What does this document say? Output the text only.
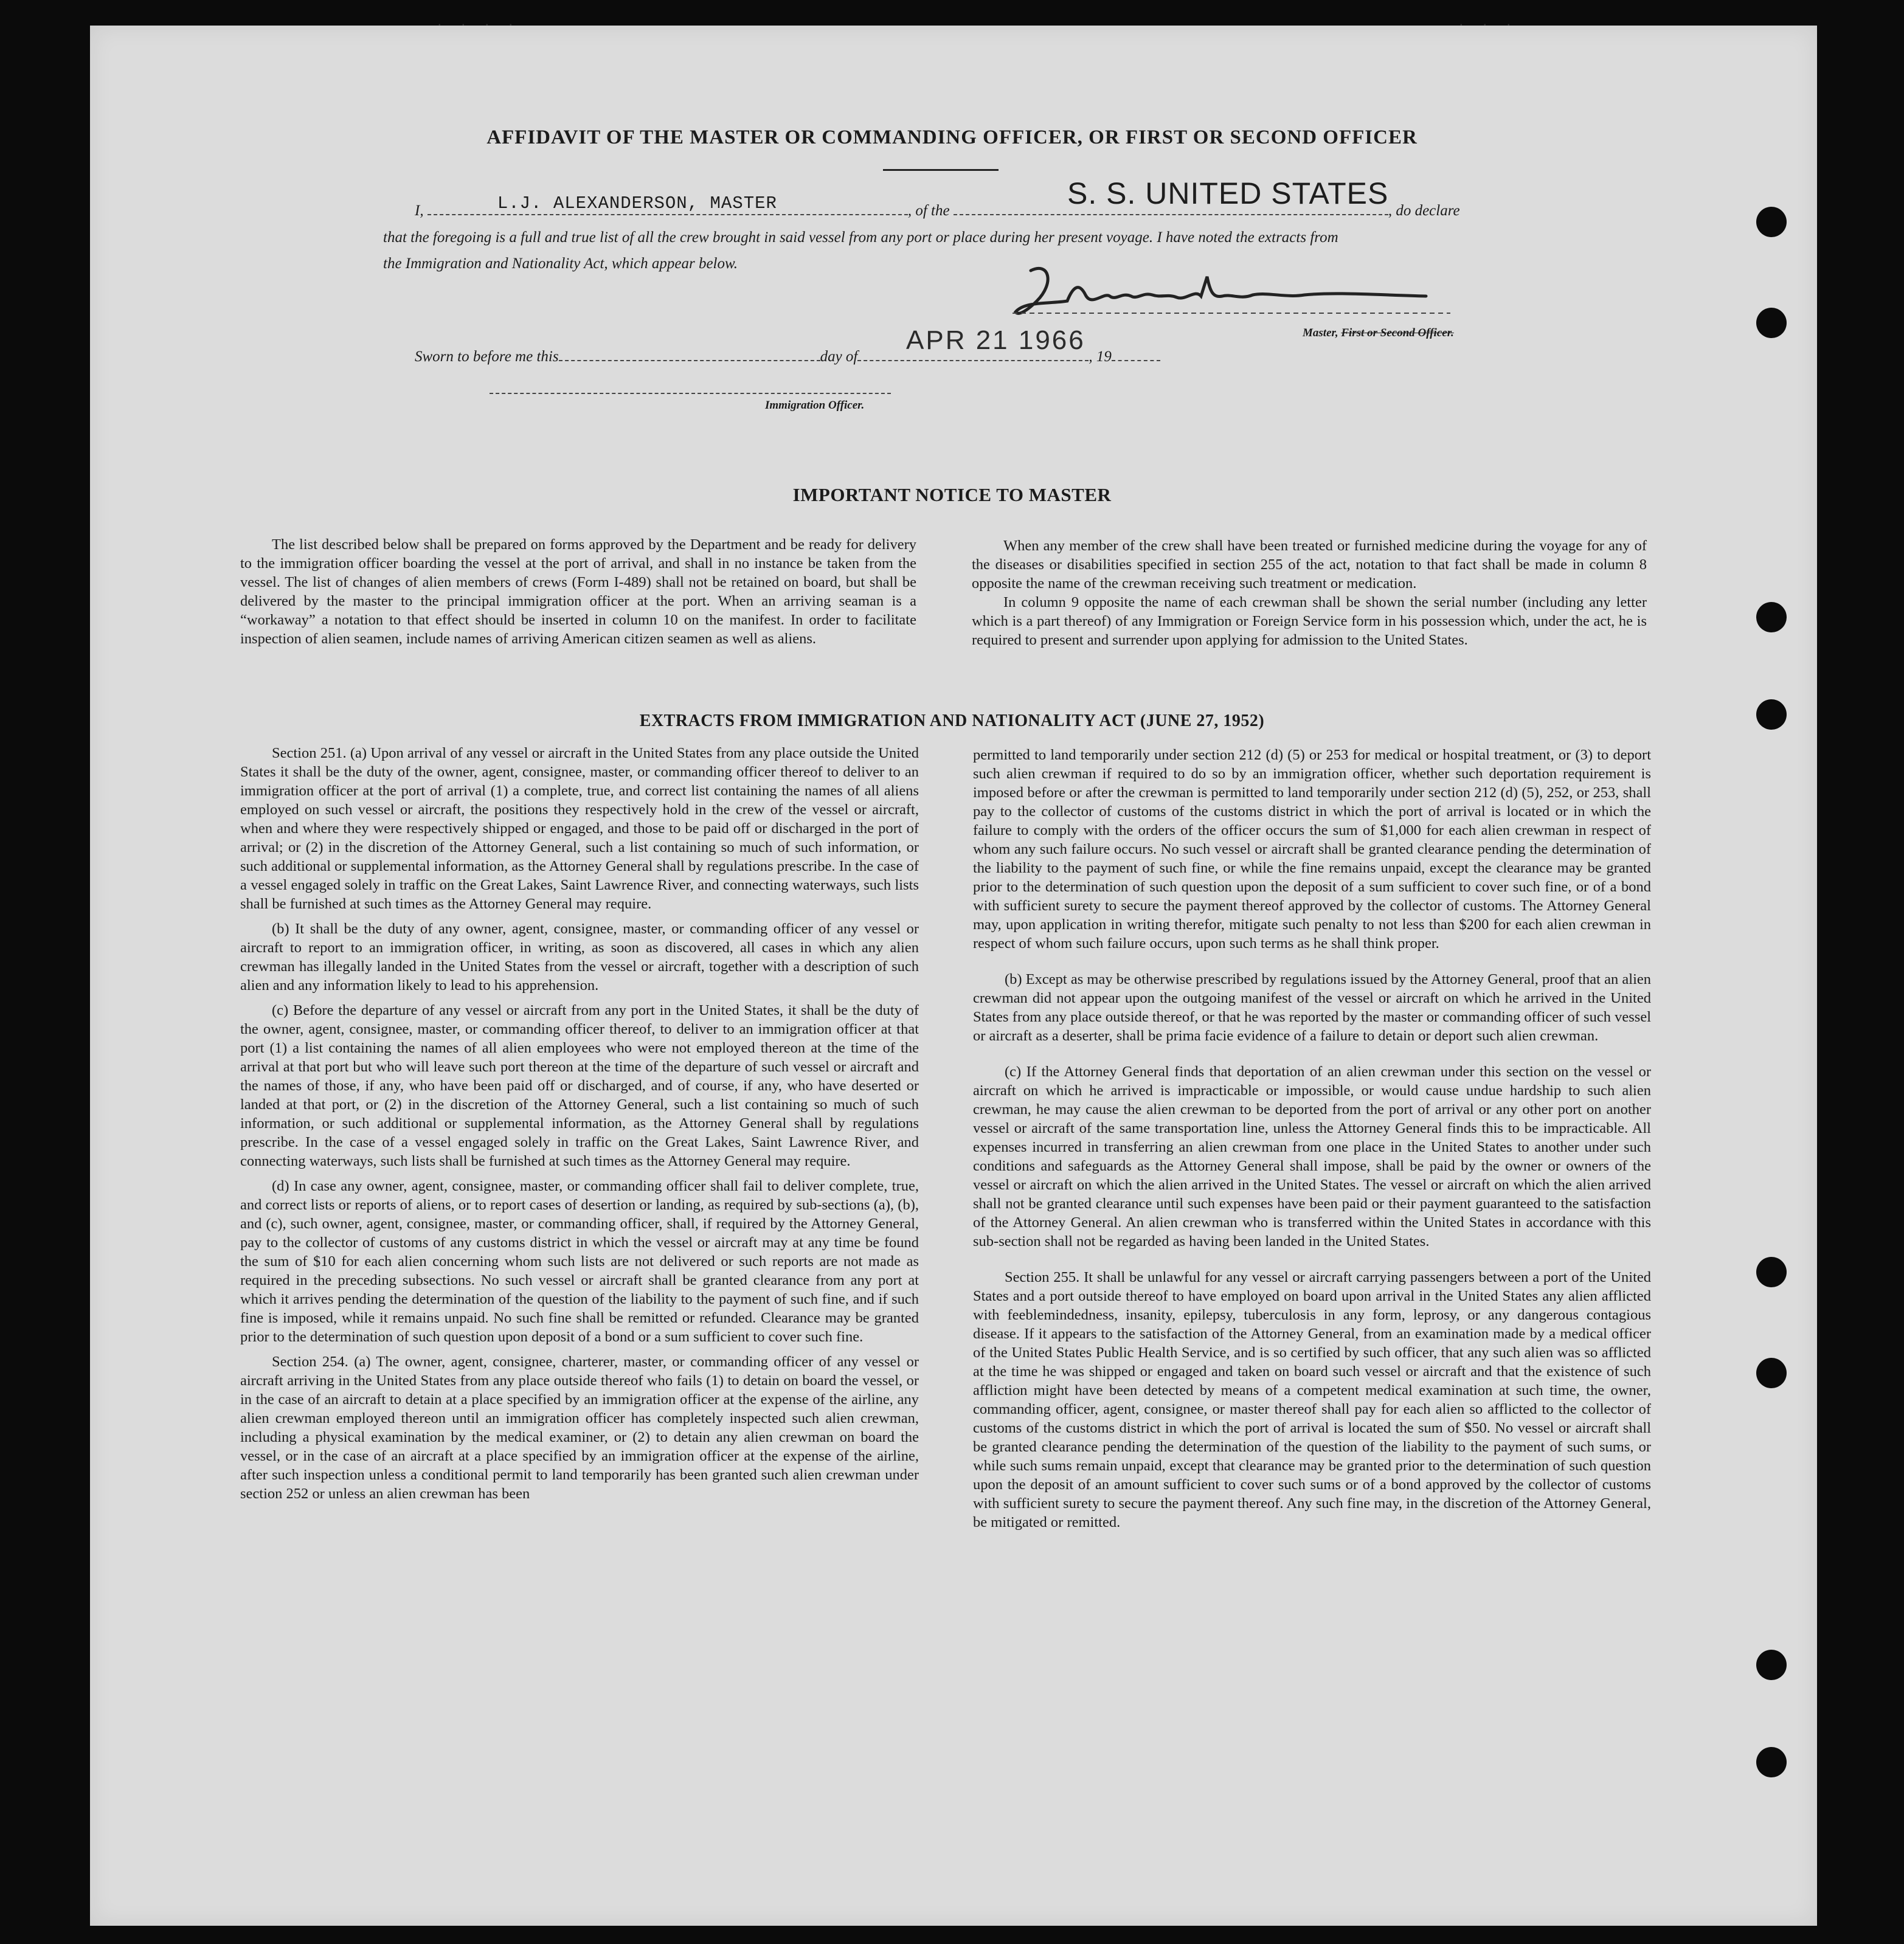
. . . .	. . .
AFFIDAVIT OF THE MASTER OR COMMANDING OFFICER, OR FIRST OR SECOND OFFICER
I,	L.J. ALEXANDERSON, MASTER	, of the	, do declare
S. S. UNITED STATES
that the foregoing is a full and true list of all the crew brought in said vessel from any port or place during her present voyage. I have noted the extracts from
the Immigration and Nationality Act, which appear below.
Master, First or Second Officer.
Sworn to before me this	day of	, 19
APR 21 1966
Immigration Officer.
IMPORTANT NOTICE TO MASTER

The list described below shall be prepared on forms approved by the Department and be ready for delivery to the immigration officer boarding the vessel at the port of arrival, and shall in no instance be taken from the vessel. The list of changes of alien members of crews (Form I-489) shall not be retained on board, but shall be delivered by the master to the principal immigration officer at the port. When an arriving seaman is a “workaway” a notation to that effect should be inserted in column 10 on the manifest. In order to facilitate inspection of alien seamen, include names of arriving American citizen seamen as well as aliens.

When any member of the crew shall have been treated or furnished medicine during the voyage for any of the diseases or disabilities specified in section 255 of the act, notation to that fact shall be made in column 8 opposite the name of the crewman receiving such treatment or medication.

In column 9 opposite the name of each crewman shall be shown the serial number (including any letter which is a part thereof) of any Immigration or Foreign Service form in his possession which, under the act, he is required to present and surrender upon applying for admission to the United States.

EXTRACTS FROM IMMIGRATION AND NATIONALITY ACT (JUNE 27, 1952)

Section 251. (a) Upon arrival of any vessel or aircraft in the United States from any place outside the United States it shall be the duty of the owner, agent, consignee, master, or commanding officer thereof to deliver to an immigration officer at the port of arrival (1) a complete, true, and correct list containing the names of all aliens employed on such vessel or aircraft, the positions they respectively hold in the crew of the vessel or aircraft, when and where they were respectively shipped or engaged, and those to be paid off or discharged in the port of arrival; or (2) in the discretion of the Attorney General, such a list containing so much of such information, or such additional or supplemental information, as the Attorney General shall by regulations prescribe. In the case of a vessel engaged solely in traffic on the Great Lakes, Saint Lawrence River, and connecting waterways, such lists shall be furnished at such times as the Attorney General may require.

(b) It shall be the duty of any owner, agent, consignee, master, or commanding officer of any vessel or aircraft to report to an immigration officer, in writing, as soon as discovered, all cases in which any alien crewman has illegally landed in the United States from the vessel or aircraft, together with a description of such alien and any information likely to lead to his apprehension.

(c) Before the departure of any vessel or aircraft from any port in the United States, it shall be the duty of the owner, agent, consignee, master, or commanding officer thereof, to deliver to an immigration officer at that port (1) a list containing the names of all alien employees who were not employed thereon at the time of the arrival at that port but who will leave such port thereon at the time of the departure of such vessel or aircraft and the names of those, if any, who have been paid off or discharged, and of course, if any, who have deserted or landed at that port, or (2) in the discretion of the Attorney General, such a list containing so much of such information, or such additional or supplemental information, as the Attorney General shall by regulations prescribe. In the case of a vessel engaged solely in traffic on the Great Lakes, Saint Lawrence River, and connecting waterways, such lists shall be furnished at such times as the Attorney General may require.

(d) In case any owner, agent, consignee, master, or commanding officer shall fail to deliver complete, true, and correct lists or reports of aliens, or to report cases of desertion or landing, as required by sub-sections (a), (b), and (c), such owner, agent, consignee, master, or commanding officer, shall, if required by the Attorney General, pay to the collector of customs of any customs district in which the vessel or aircraft may at any time be found the sum of $10 for each alien concerning whom such lists are not delivered or such reports are not made as required in the preceding subsections. No such vessel or aircraft shall be granted clearance from any port at which it arrives pending the determination of the question of the liability to the payment of such fine, and if such fine is imposed, while it remains unpaid. No such fine shall be remitted or refunded. Clearance may be granted prior to the determination of such question upon deposit of a bond or a sum sufficient to cover such fine.

Section 254. (a) The owner, agent, consignee, charterer, master, or commanding officer of any vessel or aircraft arriving in the United States from any place outside thereof who fails (1) to detain on board the vessel, or in the case of an aircraft to detain at a place specified by an immigration officer at the expense of the airline, any alien crewman employed thereon until an immigration officer has completely inspected such alien crewman, including a physical examination by the medical examiner, or (2) to detain any alien crewman on board the vessel, or in the case of an aircraft at a place specified by an immigration officer at the expense of the airline, after such inspection unless a conditional permit to land temporarily has been granted such alien crewman under section 252 or unless an alien crewman has been

permitted to land temporarily under section 212 (d) (5) or 253 for medical or hospital treatment, or (3) to deport such alien crewman if required to do so by an immigration officer, whether such deportation requirement is imposed before or after the crewman is permitted to land temporarily under section 212 (d) (5), 252, or 253, shall pay to the collector of customs of the customs district in which the port of arrival is located or in which the failure to comply with the orders of the officer occurs the sum of $1,000 for each alien crewman in respect of whom any such failure occurs. No such vessel or aircraft shall be granted clearance pending the determination of the liability to the payment of such fine, or while the fine remains unpaid, except the clearance may be granted prior to the determination of such question upon the deposit of a sum sufficient to cover such fine, or of a bond with sufficient surety to secure the payment thereof approved by the collector of customs. The Attorney General may, upon application in writing therefor, mitigate such penalty to not less than $200 for each alien crewman in respect of whom such failure occurs, upon such terms as he shall think proper.

(b) Except as may be otherwise prescribed by regulations issued by the Attorney General, proof that an alien crewman did not appear upon the outgoing manifest of the vessel or aircraft on which he arrived in the United States from any place outside thereof, or that he was reported by the master or commanding officer of such vessel or aircraft as a deserter, shall be prima facie evidence of a failure to detain or deport such alien crewman.

(c) If the Attorney General finds that deportation of an alien crewman under this section on the vessel or aircraft on which he arrived is impracticable or impossible, or would cause undue hardship to such alien crewman, he may cause the alien crewman to be deported from the port of arrival or any other port on another vessel or aircraft of the same transportation line, unless the Attorney General finds this to be impracticable. All expenses incurred in transferring an alien crewman from one place in the United States to another under such conditions and safeguards as the Attorney General shall impose, shall be paid by the owner or owners of the vessel or aircraft on which the alien arrived in the United States. The vessel or aircraft on which the alien arrived shall not be granted clearance until such expenses have been paid or their payment guaranteed to the satisfaction of the Attorney General. An alien crewman who is transferred within the United States in accordance with this sub-section shall not be regarded as having been landed in the United States.

Section 255. It shall be unlawful for any vessel or aircraft carrying passengers between a port of the United States and a port outside thereof to have employed on board upon arrival in the United States any alien afflicted with feeblemindedness, insanity, epilepsy, tuberculosis in any form, leprosy, or any dangerous contagious disease. If it appears to the satisfaction of the Attorney General, from an examination made by a medical officer of the United States Public Health Service, and is so certified by such officer, that any such alien was so afflicted at the time he was shipped or engaged and taken on board such vessel or aircraft and that the existence of such affliction might have been detected by means of a competent medical examination at such time, the owner, commanding officer, agent, consignee, or master thereof shall pay for each alien so afflicted to the collector of customs of the customs district in which the port of arrival is located the sum of $50. No vessel or aircraft shall be granted clearance pending the determination of the question of the liability to the payment of such sums, or while such sums remain unpaid, except that clearance may be granted prior to the determination of such question upon the deposit of an amount sufficient to cover such sums or of a bond approved by the collector of customs with sufficient surety to secure the payment thereof. Any such fine may, in the discretion of the Attorney General, be mitigated or remitted.
